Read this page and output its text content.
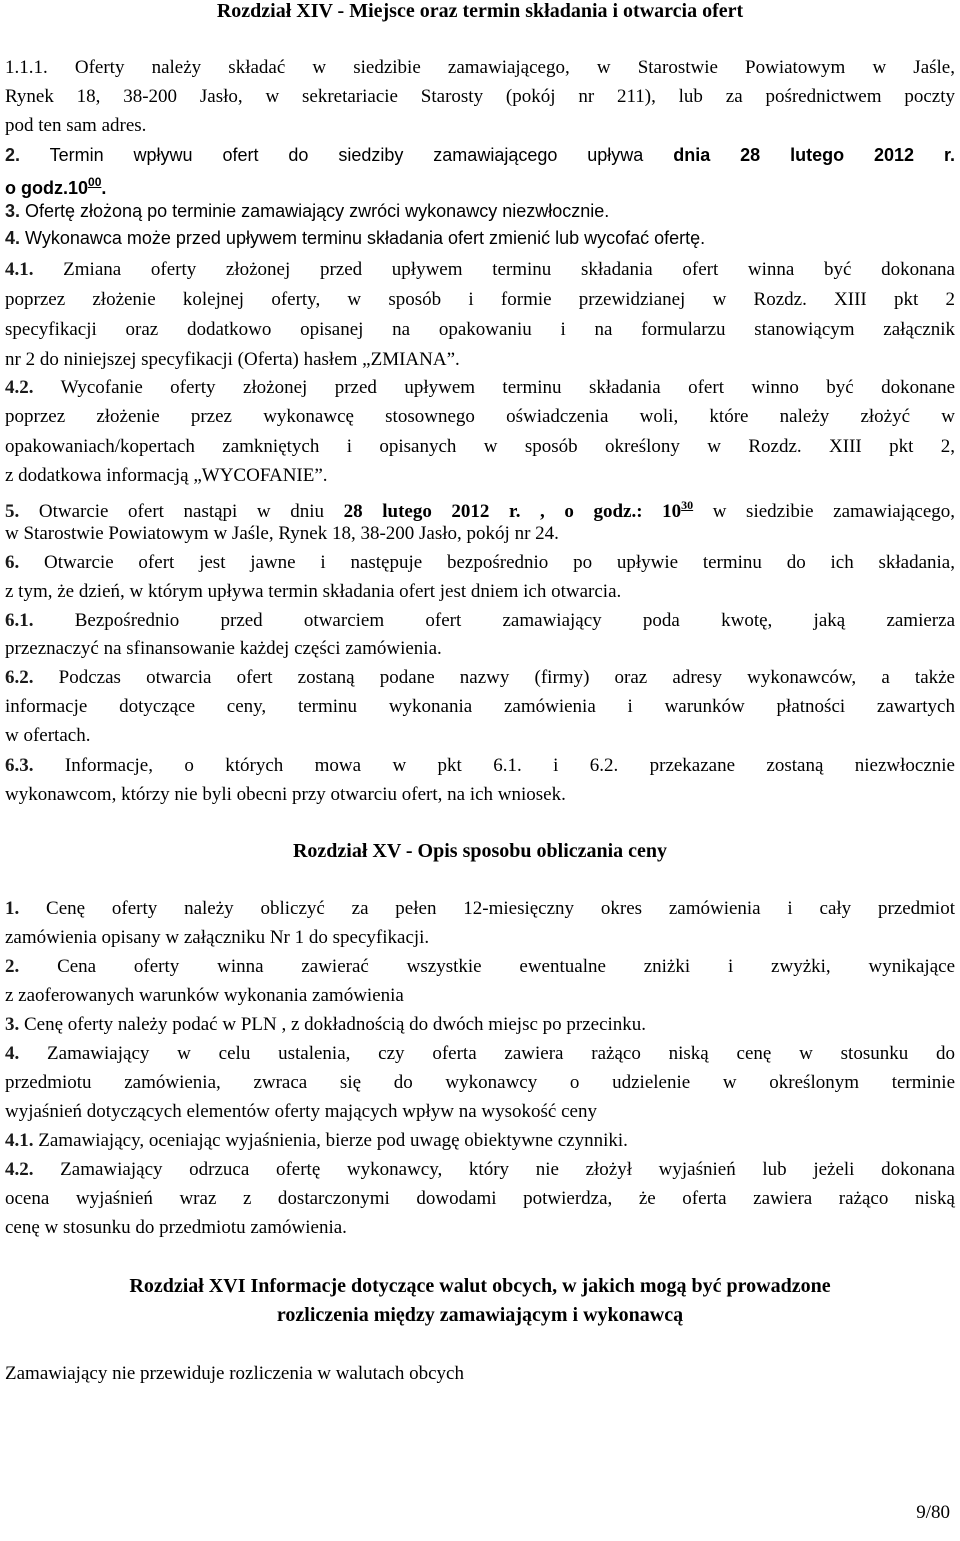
Rozdział XIV - Miejsce oraz termin składania i otwarcia ofert
1.1.1. Oferty należy składać w siedzibie zamawiającego, w Starostwie Powiatowym w Jaśle,
Rynek 18, 38-200 Jasło, w sekretariacie Starosty (pokój nr 211), lub za pośrednictwem poczty
pod ten sam adres.
2. Termin wpływu ofert do siedziby zamawiającego upływa dnia 28 lutego 2012 r.
o $godz.10^{00}$.
3. Ofertę złożoną po terminie zamawiający zwróci wykonawcy niezwłocznie.
4. Wykonawca może przed upływem terminu składania ofert zmienić lub wycofać ofertę.
4.1. Zmiana oferty złożonej przed upływem terminu składania ofert winna być dokonana
poprzez złożenie kolejnej oferty, w sposób i formie przewidzianej w Rozdz. XIII pkt 2
specyfikacji oraz dodatkowo opisanej na opakowaniu i na formularzu stanowiącym załącznik
nr 2 do niniejszej specyfikacji (Oferta) hasłem „ZMIANA”.
4.2. Wycofanie oferty złożonej przed upływem terminu składania ofert winno być dokonane
poprzez złożenie przez wykonawcę stosownego oświadczenia woli, które należy złożyć w
opakowaniach/kopertach zamkniętych i opisanych w sposób określony w Rozdz. XIII pkt 2,
z dodatkowa informacją „WYCOFANIE”.
5. Otwarcie ofert nastąpi w dniu 28 lutego 2012 r. , o godz.: $10^{30}$ w siedzibie zamawiającego,
w Starostwie Powiatowym w Jaśle, Rynek 18, 38-200 Jasło, pokój nr 24.
6. Otwarcie ofert jest jawne i następuje bezpośrednio po upływie terminu do ich składania,
z tym, że dzień, w którym upływa termin składania ofert jest dniem ich otwarcia.
6.1. Bezpośrednio przed otwarciem ofert zamawiający poda kwotę, jaką zamierza
przeznaczyć na sfinansowanie każdej części zamówienia.
6.2. Podczas otwarcia ofert zostaną podane nazwy (firmy) oraz adresy wykonawców, a także
informacje dotyczące ceny, terminu wykonania zamówienia i warunków płatności zawartych
w ofertach.
6.3. Informacje, o których mowa w pkt 6.1. i 6.2. przekazane zostaną niezwłocznie
wykonawcom, którzy nie byli obecni przy otwarciu ofert, na ich wniosek.
Rozdział XV - Opis sposobu obliczania ceny
1. Cenę oferty należy obliczyć za pełen 12-miesięczny okres zamówienia i cały przedmiot
zamówienia opisany w załączniku Nr 1 do specyfikacji.
2. Cena oferty winna zawierać wszystkie ewentualne zniżki i zwyżki, wynikające
z zaoferowanych warunków wykonania zamówienia
3. Cenę oferty należy podać w PLN , z dokładnością do dwóch miejsc po przecinku.
4. Zamawiający w celu ustalenia, czy oferta zawiera rażąco niską cenę w stosunku do
przedmiotu zamówienia, zwraca się do wykonawcy o udzielenie w określonym terminie
wyjaśnień dotyczących elementów oferty mających wpływ na wysokość ceny
4.1. Zamawiający, oceniając wyjaśnienia, bierze pod uwagę obiektywne czynniki.
4.2. Zamawiający odrzuca ofertę wykonawcy, który nie złożył wyjaśnień lub jeżeli dokonana
ocena wyjaśnień wraz z dostarczonymi dowodami potwierdza, że oferta zawiera rażąco niską
cenę w stosunku do przedmiotu zamówienia.
Rozdział XVI Informacje dotyczące walut obcych, w jakich mogą być prowadzone
rozliczenia między zamawiającym i wykonawcą
Zamawiający nie przewiduje rozliczenia w walutach obcych
9/80
